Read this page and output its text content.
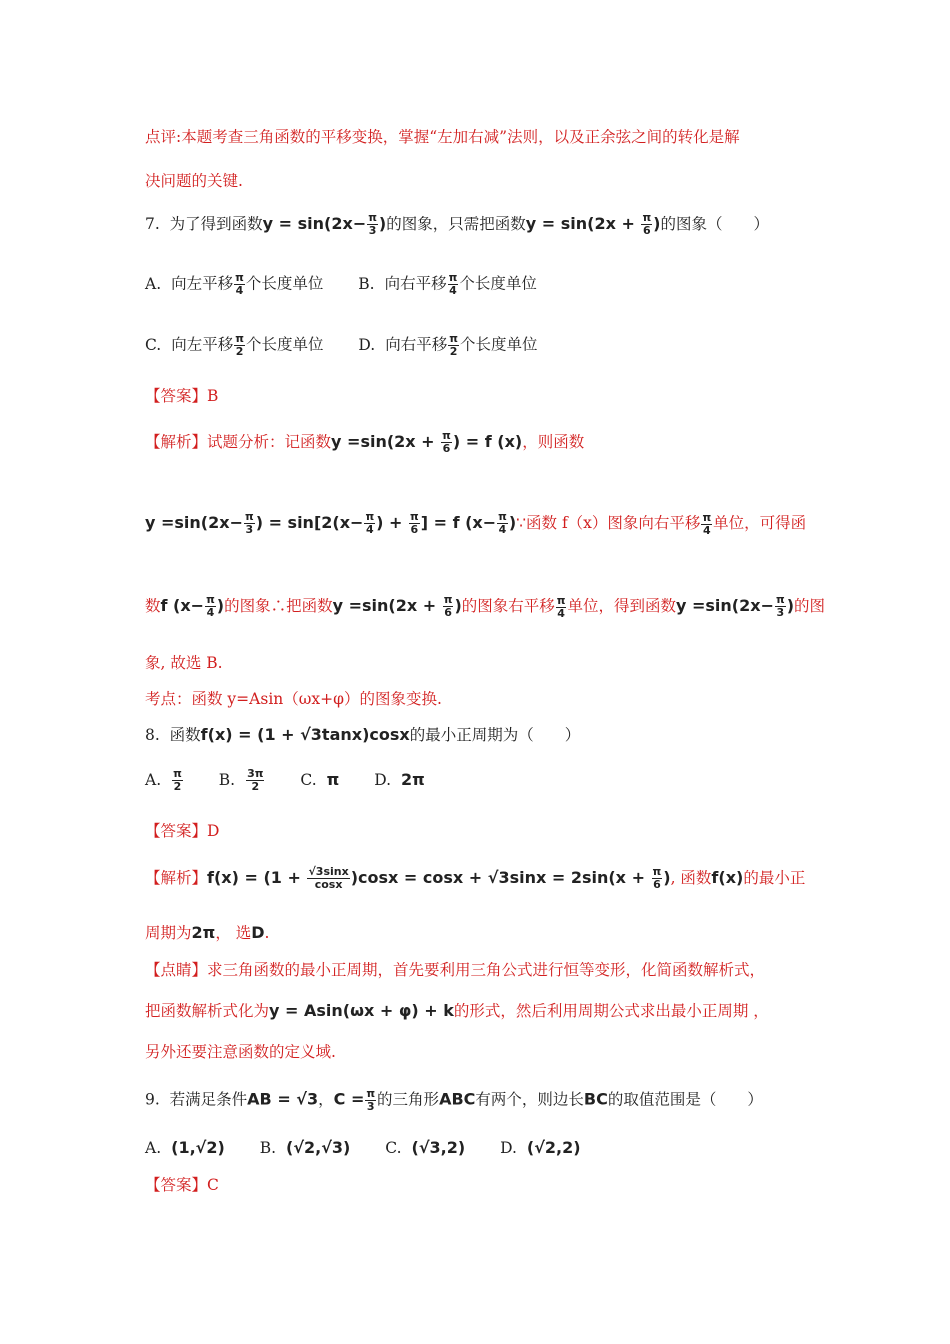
点评:本题考查三角函数的平移变换，掌握“左加右减”法则，以及正余弦之间的转化是解
决问题的关键.
7. 为了得到函数$y = \sin(2x- \frac{\pi}{3}$ )的图象，只需把函数$y = \sin(2x + \frac{\pi}{6}$ )的图象（　　）
A. 向左平移 $\frac{\pi}{4}$ 个长度单位 B. 向右平移 $\frac{\pi}{4}$ 个长度单位
C. 向左平移 $\frac{\pi}{2}$ 个长度单位 D. 向右平移 $\frac{\pi}{2}$ 个长度单位
【答案】B
【解析】试题分析：记函数$y =\sin(2x + \frac{\pi}{6}$ ) = f (x)，则函数
$y =\sin(2x- \frac{\pi}{3}$ ) = $\sin[2(x- \frac{\pi}{4}$ ) + $\frac{\pi}{6}$ ] = f ($x- \frac{\pi}{4}$ )∵函数 f（x）图象向右平移 $\frac{\pi}{4}$ 单位，可得函
数f ($x- \frac{\pi}{4}$ )的图象∴把函数$y =\sin(2x + \frac{\pi}{6}$ )的图象右平移 $\frac{\pi}{4}$ 单位，得到函数$y =\sin(2x- \frac{\pi}{3}$ )的图
象, 故选 B.
考点：函数 y=Asin（ωx+φ）的图象变换.
8. 函数f(x) = (1 + √3tanx)cosx的最小正周期为（　　）
A. $\frac{\pi}{2} B$. $\frac{3\pi}{2} C$. π D. 2π
【答案】D
【解析】$f(x) = (1 + \frac{√3\sin x}{\cos x} )\cos x = \cos x + √3\sin x = 2\sin(x + \frac{\pi}{6}$ ), 函数f(x)的最小正
周期为2π， 选D.
【点睛】求三角函数的最小正周期，首先要利用三角公式进行恒等变形，化简函数解析式，
把函数解析式化为y = Asin(ωx + φ) + k的形式，然后利用周期公式求出最小正周期 ，
另外还要注意函数的定义域.
9. 若满足条件AB = √3，$C = \frac{\pi}{3}$ 的三角形ABC有两个，则边长BC的取值范围是（　　）
A. (1,√2) B. (√2,√3) C. (√3,2) D. (√2,2)
【答案】C
